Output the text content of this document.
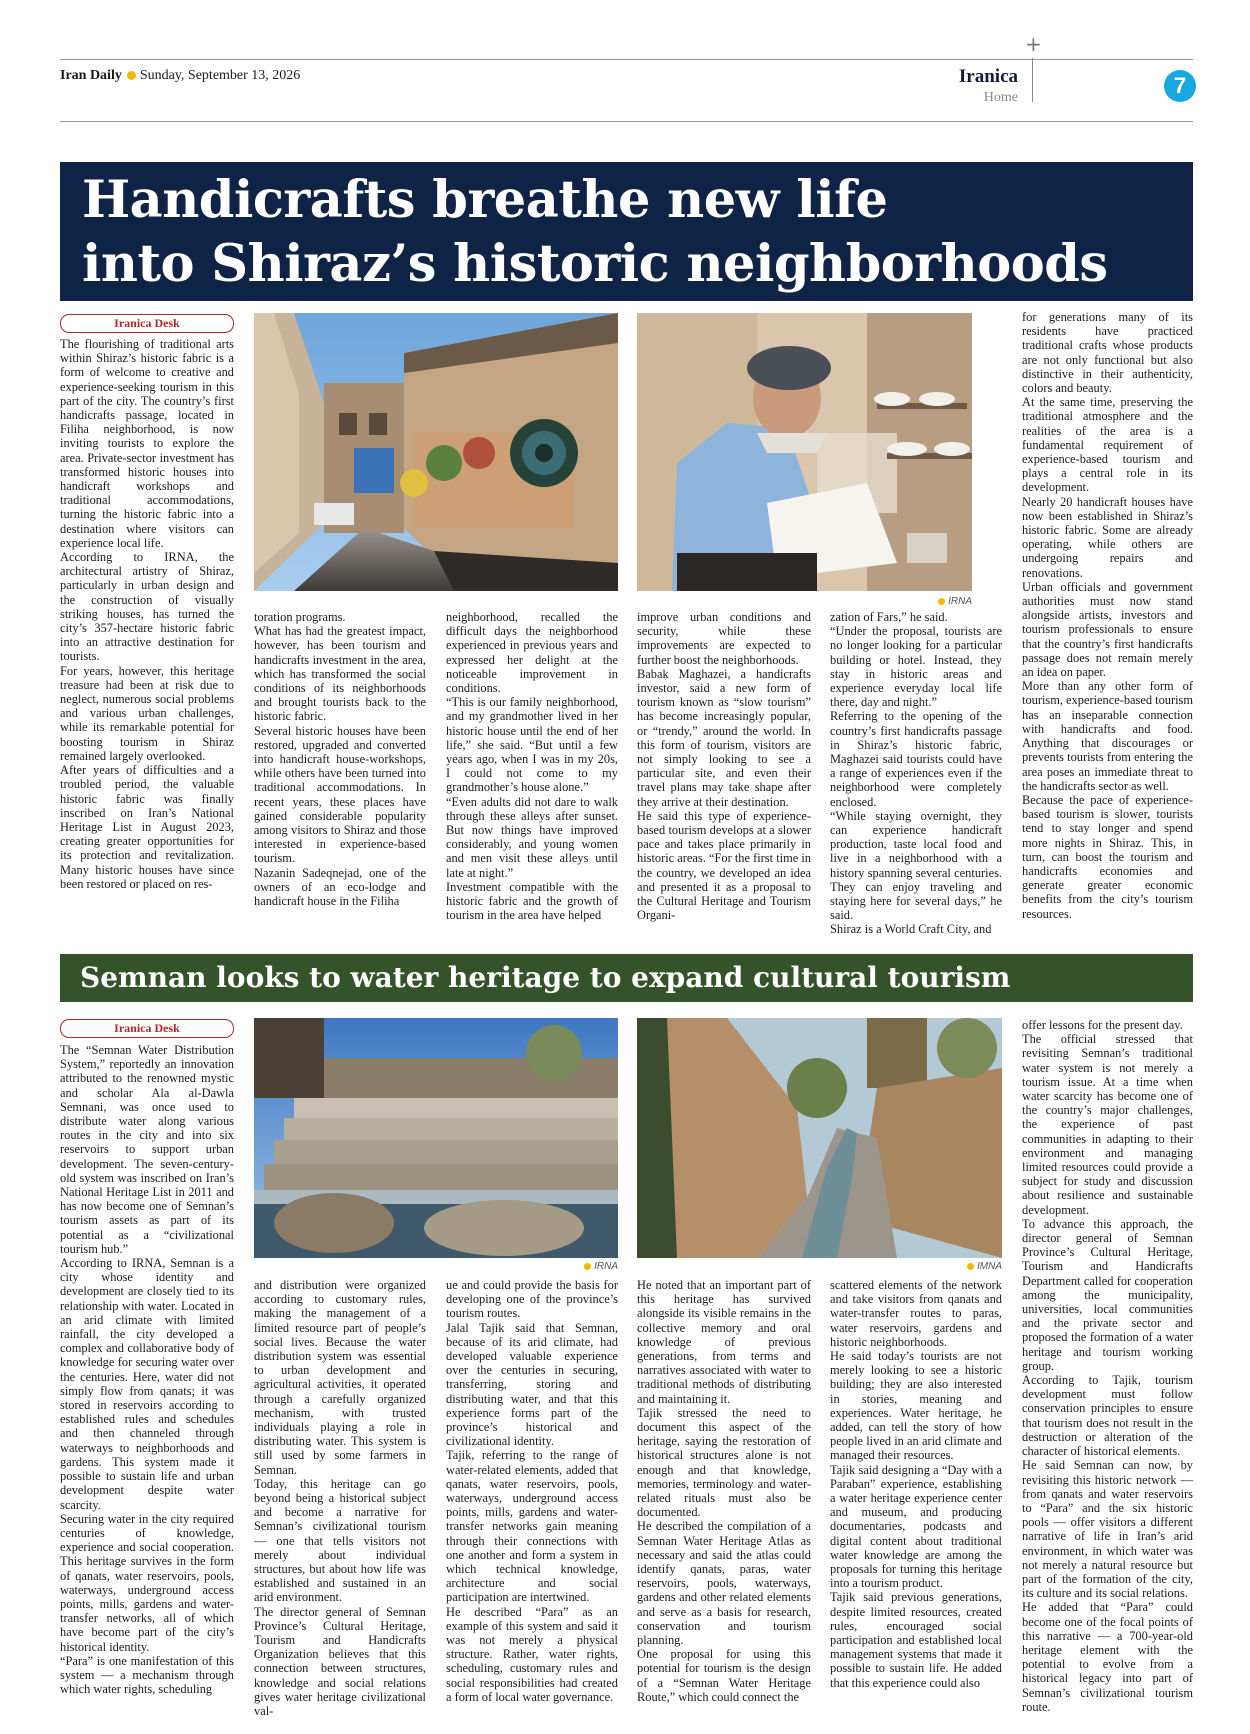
+
Iran Daily Sunday, September 13, 2026	Iranica
Home	7
Handicrafts breathe new life
into Shiraz’s historic neighborhoods
Iranica Desk

The flourishing of traditional arts within Shiraz’s historic fabric is a form of welcome to creative and experience-seeking tourism in this part of the city. The country’s first handicrafts passage, located in Filiha neighborhood, is now inviting tourists to explore the area. Private-sector investment has transformed historic houses into handicraft workshops and traditional accommodations, turning the historic fabric into a destination where visitors can experience local life.

According to IRNA, the architectural artistry of Shiraz, particularly in urban design and the construction of visually striking houses, has turned the city’s 357-hectare historic fabric into an attractive destination for tourists.

For years, however, this heritage treasure had been at risk due to neglect, numerous social problems and various urban challenges, while its remarkable potential for boosting tourism in Shiraz remained largely overlooked.

After years of difficulties and a troubled period, the valuable historic fabric was finally inscribed on Iran’s National Heritage List in August 2023, creating greater opportunities for its protection and revitalization. Many historic houses have since been restored or placed on res-

IRNA

toration programs.

What has had the greatest impact, however, has been tourism and handicrafts investment in the area, which has transformed the social conditions of its neighborhoods and brought tourists back to the historic fabric.

Several historic houses have been restored, upgraded and converted into handicraft house-workshops, while others have been turned into traditional accommodations. In recent years, these places have gained considerable popularity among visitors to Shiraz and those interested in experience-based tourism.

Nazanin Sadeqnejad, one of the owners of an eco-lodge and handicraft house in the Filiha

neighborhood, recalled the difficult days the neighborhood experienced in previous years and expressed her delight at the noticeable improvement in conditions.

“This is our family neighborhood, and my grandmother lived in her historic house until the end of her life,” she said. “But until a few years ago, when I was in my 20s, I could not come to my grandmother’s house alone.”

“Even adults did not dare to walk through these alleys after sunset. But now things have improved considerably, and young women and men visit these alleys until late at night.”

Investment compatible with the historic fabric and the growth of tourism in the area have helped

improve urban conditions and security, while these improvements are expected to further boost the neighborhoods.

Babak Maghazei, a handicrafts investor, said a new form of tourism known as “slow tourism” has become increasingly popular, or “trendy,” around the world. In this form of tourism, visitors are not simply looking to see a particular site, and even their travel plans may take shape after they arrive at their destination.

He said this type of experience-based tourism develops at a slower pace and takes place primarily in historic areas. “For the first time in the country, we developed an idea and presented it as a proposal to the Cultural Heritage and Tourism Organi-

zation of Fars,” he said.

“Under the proposal, tourists are no longer looking for a particular building or hotel. Instead, they stay in historic areas and experience everyday local life there, day and night.”

Referring to the opening of the country’s first handicrafts passage in Shiraz’s historic fabric, Maghazei said tourists could have a range of experiences even if the neighborhood were completely enclosed.

“While staying overnight, they can experience handicraft production, taste local food and live in a neighborhood with a history spanning several centuries. They can enjoy traveling and staying here for several days,” he said.

Shiraz is a World Craft City, and

for generations many of its residents have practiced traditional crafts whose products are not only functional but also distinctive in their authenticity, colors and beauty.

At the same time, preserving the traditional atmosphere and the realities of the area is a fundamental requirement of experience-based tourism and plays a central role in its development.

Nearly 20 handicraft houses have now been established in Shiraz’s historic fabric. Some are already operating, while others are undergoing repairs and renovations.

Urban officials and government authorities must now stand alongside artists, investors and tourism professionals to ensure that the country’s first handicrafts passage does not remain merely an idea on paper.

More than any other form of tourism, experience-based tourism has an inseparable connection with handicrafts and food. Anything that discourages or prevents tourists from entering the area poses an immediate threat to the handicrafts sector as well.

Because the pace of experience-based tourism is slower, tourists tend to stay longer and spend more nights in Shiraz. This, in turn, can boost the tourism and handicrafts economies and generate greater economic benefits from the city’s tourism resources.

Semnan looks to water heritage to expand cultural tourism
Iranica Desk

The “Semnan Water Distribution System,” reportedly an innovation attributed to the renowned mystic and scholar Ala al-Dawla Semnani, was once used to distribute water along various routes in the city and into six reservoirs to support urban development. The seven-century-old system was inscribed on Iran’s National Heritage List in 2011 and has now become one of Semnan’s tourism assets as part of its potential as a “civilizational tourism hub.”

According to IRNA, Semnan is a city whose identity and development are closely tied to its relationship with water. Located in an arid climate with limited rainfall, the city developed a complex and collaborative body of knowledge for securing water over the centuries. Here, water did not simply flow from qanats; it was stored in reservoirs according to established rules and schedules and then channeled through waterways to neighborhoods and gardens. This system made it possible to sustain life and urban development despite water scarcity.

Securing water in the city required centuries of knowledge, experience and social cooperation. This heritage survives in the form of qanats, water reservoirs, pools, waterways, underground access points, mills, gardens and water-transfer networks, all of which have become part of the city’s historical identity.

“Para” is one manifestation of this system — a mechanism through which water rights, scheduling

IRNA	IMNA

and distribution were organized according to customary rules, making the management of a limited resource part of people’s social lives. Because the water distribution system was essential to urban development and agricultural activities, it operated through a carefully organized mechanism, with trusted individuals playing a role in distributing water. This system is still used by some farmers in Semnan.

Today, this heritage can go beyond being a historical subject and become a narrative for Semnan’s civilizational tourism — one that tells visitors not merely about individual structures, but about how life was established and sustained in an arid environment.

The director general of Semnan Province’s Cultural Heritage, Tourism and Handicrafts Organization believes that this connection between structures, knowledge and social relations gives water heritage civilizational val-

ue and could provide the basis for developing one of the province’s tourism routes.

Jalal Tajik said that Semnan, because of its arid climate, had developed valuable experience over the centuries in securing, transferring, storing and distributing water, and that this experience forms part of the province’s historical and civilizational identity.

Tajik, referring to the range of water-related elements, added that qanats, water reservoirs, pools, waterways, underground access points, mills, gardens and water-transfer networks gain meaning through their connections with one another and form a system in which technical knowledge, architecture and social participation are intertwined.

He described “Para” as an example of this system and said it was not merely a physical structure. Rather, water rights, scheduling, customary rules and social responsibilities had created a form of local water governance.

He noted that an important part of this heritage has survived alongside its visible remains in the collective memory and oral knowledge of previous generations, from terms and narratives associated with water to traditional methods of distributing and maintaining it.

Tajik stressed the need to document this aspect of the heritage, saying the restoration of historical structures alone is not enough and that knowledge, memories, terminology and water-related rituals must also be documented.

He described the compilation of a Semnan Water Heritage Atlas as necessary and said the atlas could identify qanats, paras, water reservoirs, pools, waterways, gardens and other related elements and serve as a basis for research, conservation and tourism planning.

One proposal for using this potential for tourism is the design of a “Semnan Water Heritage Route,” which could connect the

scattered elements of the network and take visitors from qanats and water-transfer routes to paras, water reservoirs, gardens and historic neighborhoods.

He said today’s tourists are not merely looking to see a historic building; they are also interested in stories, meaning and experiences. Water heritage, he added, can tell the story of how people lived in an arid climate and managed their resources.

Tajik said designing a “Day with a Paraban” experience, establishing a water heritage experience center and museum, and producing documentaries, podcasts and digital content about traditional water knowledge are among the proposals for turning this heritage into a tourism product.

Tajik said previous generations, despite limited resources, created rules, encouraged social participation and established local management systems that made it possible to sustain life. He added that this experience could also

offer lessons for the present day.

The official stressed that revisiting Semnan’s traditional water system is not merely a tourism issue. At a time when water scarcity has become one of the country’s major challenges, the experience of past communities in adapting to their environment and managing limited resources could provide a subject for study and discussion about resilience and sustainable development.

To advance this approach, the director general of Semnan Province’s Cultural Heritage, Tourism and Handicrafts Department called for cooperation among the municipality, universities, local communities and the private sector and proposed the formation of a water heritage and tourism working group.

According to Tajik, tourism development must follow conservation principles to ensure that tourism does not result in the destruction or alteration of the character of historical elements.

He said Semnan can now, by revisiting this historic network — from qanats and water reservoirs to “Para” and the six historic pools — offer visitors a different narrative of life in Iran’s arid environment, in which water was not merely a natural resource but part of the formation of the city, its culture and its social relations.

He added that “Para” could become one of the focal points of this narrative — a 700-year-old heritage element with the potential to evolve from a historical legacy into part of Semnan’s civilizational tourism route.
